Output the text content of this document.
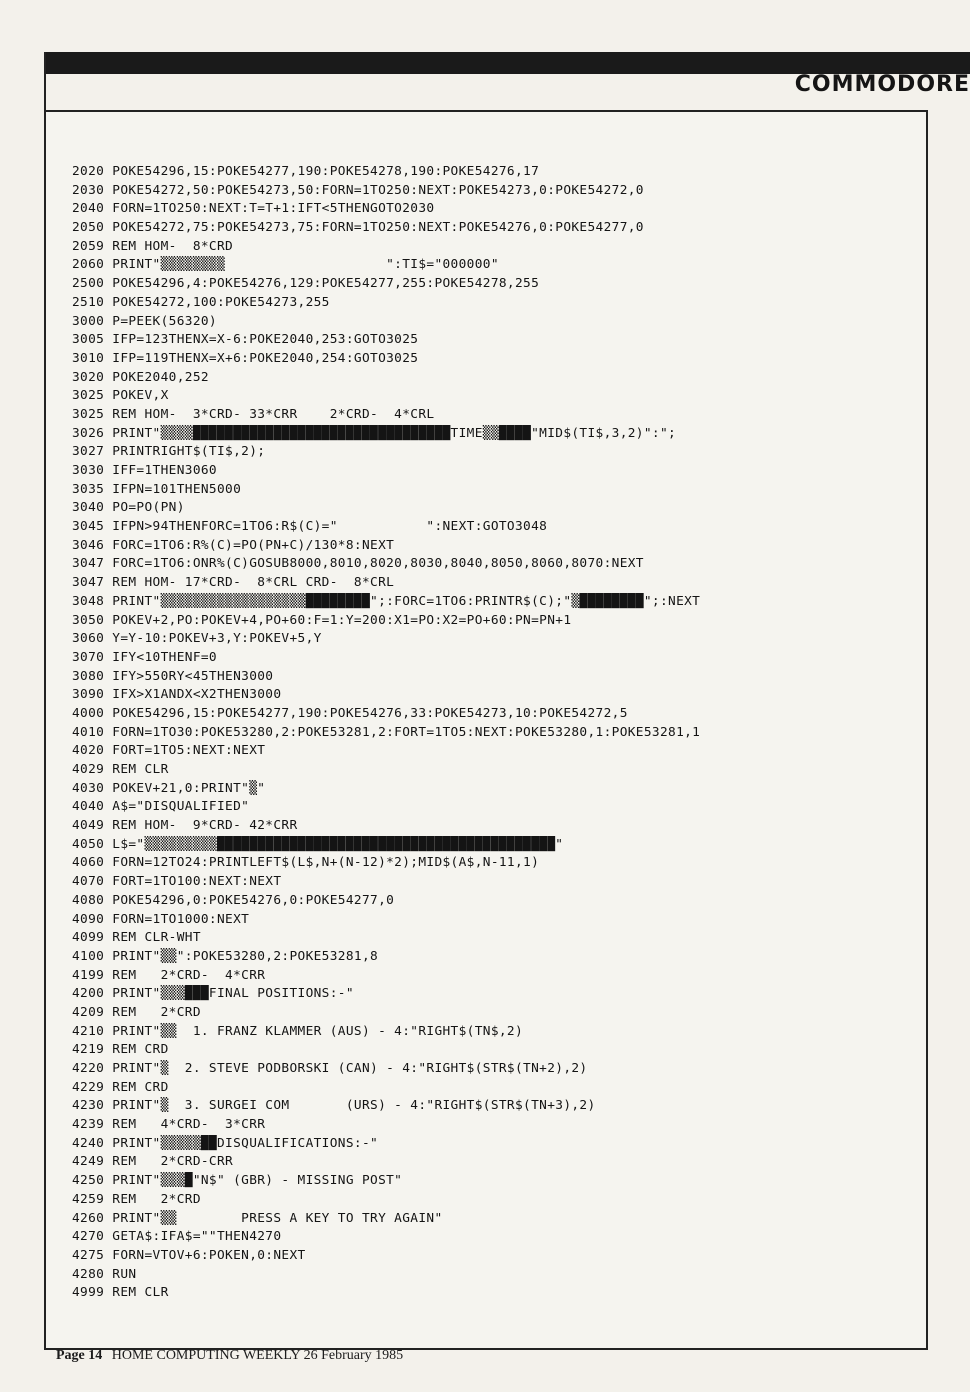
COMMODORE
2020 POKE54296,15:POKE54277,190:POKE54278,190:POKE54276,17
2030 POKE54272,50:POKE54273,50:FORN=1TO250:NEXT:POKE54273,0:POKE54272,0
2040 FORN=1TO250:NEXT:T=T+1:IFT<5THENGOTO2030
2050 POKE54272,75:POKE54273,75:FORN=1TO250:NEXT:POKE54276,0:POKE54277,0
2059 REM HOM-  8*CRD
2060 PRINT"▒▒▒▒▒▒▒▒                    ":TI$="000000"
2500 POKE54296,4:POKE54276,129:POKE54277,255:POKE54278,255
2510 POKE54272,100:POKE54273,255
3000 P=PEEK(56320)
3005 IFP=123THENX=X-6:POKE2040,253:GOTO3025
3010 IFP=119THENX=X+6:POKE2040,254:GOTO3025
3020 POKE2040,252
3025 POKEV,X
3025 REM HOM-  3*CRD- 33*CRR    2*CRD-  4*CRL
3026 PRINT"▒▒▒▒████████████████████████████████TIME▒▒████"MID$(TI$,3,2)":";
3027 PRINTRIGHT$(TI$,2);
3030 IFF=1THEN3060
3035 IFPN=101THEN5000
3040 PO=PO(PN)
3045 IFPN>94THENFORC=1TO6:R$(C)="           ":NEXT:GOTO3048
3046 FORC=1TO6:R%(C)=PO(PN+C)/130*8:NEXT
3047 FORC=1TO6:ONR%(C)GOSUB8000,8010,8020,8030,8040,8050,8060,8070:NEXT
3047 REM HOM- 17*CRD-  8*CRL CRD-  8*CRL
3048 PRINT"▒▒▒▒▒▒▒▒▒▒▒▒▒▒▒▒▒▒████████";:FORC=1TO6:PRINTR$(C);"▒████████";:NEXT
3050 POKEV+2,PO:POKEV+4,PO+60:F=1:Y=200:X1=PO:X2=PO+60:PN=PN+1
3060 Y=Y-10:POKEV+3,Y:POKEV+5,Y
3070 IFY<10THENF=0
3080 IFY>550RY<45THEN3000
3090 IFX>X1ANDX<X2THEN3000
4000 POKE54296,15:POKE54277,190:POKE54276,33:POKE54273,10:POKE54272,5
4010 FORN=1TO30:POKE53280,2:POKE53281,2:FORT=1TO5:NEXT:POKE53280,1:POKE53281,1
4020 FORT=1TO5:NEXT:NEXT
4029 REM CLR
4030 POKEV+21,0:PRINT"▒"
4040 A$="DISQUALIFIED"
4049 REM HOM-  9*CRD- 42*CRR
4050 L$="▒▒▒▒▒▒▒▒▒██████████████████████████████████████████"
4060 FORN=12TO24:PRINTLEFT$(L$,N+(N-12)*2);MID$(A$,N-11,1)
4070 FORT=1TO100:NEXT:NEXT
4080 POKE54296,0:POKE54276,0:POKE54277,0
4090 FORN=1TO1000:NEXT
4099 REM CLR-WHT
4100 PRINT"▒▒":POKE53280,2:POKE53281,8
4199 REM   2*CRD-  4*CRR
4200 PRINT"▒▒▒███FINAL POSITIONS:-"
4209 REM   2*CRD
4210 PRINT"▒▒  1. FRANZ KLAMMER (AUS) - 4:"RIGHT$(TN$,2)
4219 REM CRD
4220 PRINT"▒  2. STEVE PODBORSKI (CAN) - 4:"RIGHT$(STR$(TN+2),2)
4229 REM CRD
4230 PRINT"▒  3. SURGEI COM       (URS) - 4:"RIGHT$(STR$(TN+3),2)
4239 REM   4*CRD-  3*CRR
4240 PRINT"▒▒▒▒▒██DISQUALIFICATIONS:-"
4249 REM   2*CRD-CRR
4250 PRINT"▒▒▒█"N$" (GBR) - MISSING POST"
4259 REM   2*CRD
4260 PRINT"▒▒        PRESS A KEY TO TRY AGAIN"
4270 GETA$:IFA$=""THEN4270
4275 FORN=VTOV+6:POKEN,0:NEXT
4280 RUN
4999 REM CLR
Page 14 HOME COMPUTING WEEKLY 26 February 1985
